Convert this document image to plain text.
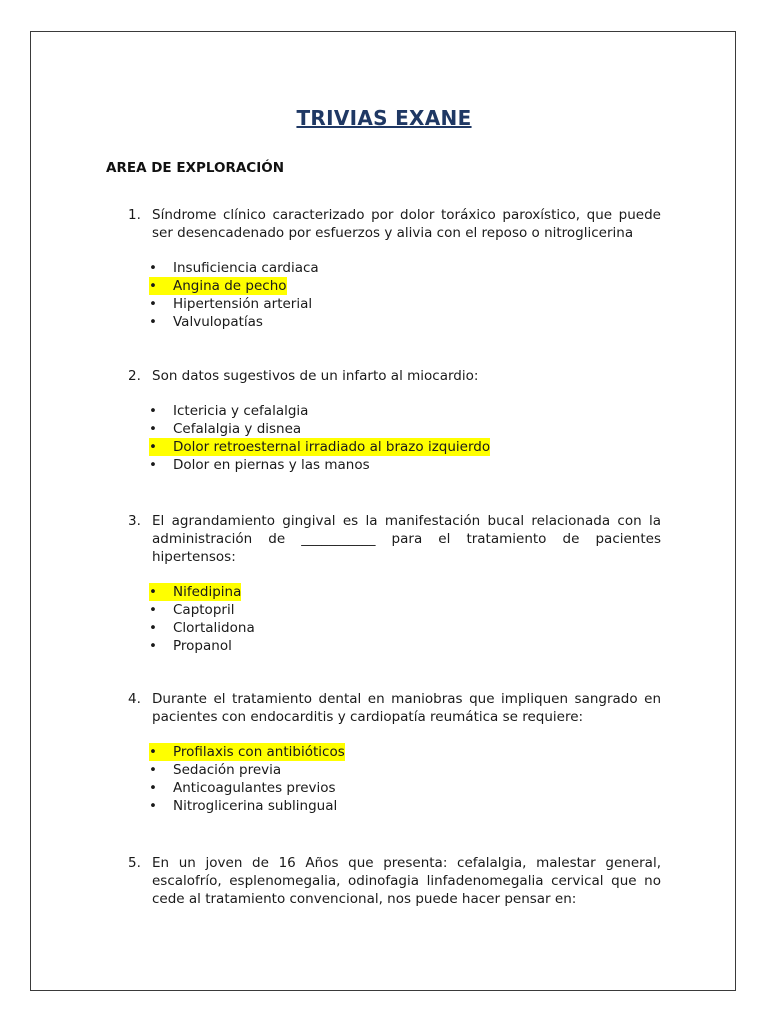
TRIVIAS EXANE
AREA DE EXPLORACIÓN
1. Síndrome clínico caracterizado por dolor toráxico paroxístico, que puede ser desencadenado por esfuerzos y alivia con el reposo o nitroglicerina
•	Insuficiencia cardiaca
•	Angina de pecho
•	Hipertensión arterial
•	Valvulopatías
2. Son datos sugestivos de un infarto al miocardio:
•	Ictericia y cefalalgia
•	Cefalalgia y disnea
•	Dolor retroesternal irradiado al brazo izquierdo
•	Dolor en piernas y las manos
3. El agrandamiento gingival es la manifestación bucal relacionada con la administración de ___________ para el tratamiento de pacientes hipertensos:
•	Nifedipina
•	Captopril
•	Clortalidona
•	Propanol
4. Durante el tratamiento dental en maniobras que impliquen sangrado en pacientes con endocarditis y cardiopatía reumática se requiere:
•	Profilaxis con antibióticos
•	Sedación previa
•	Anticoagulantes previos
•	Nitroglicerina sublingual
5. En un joven de 16 Años que presenta: cefalalgia, malestar general, escalofrío, esplenomegalia, odinofagia linfadenomegalia cervical que no cede al tratamiento convencional, nos puede hacer pensar en:
